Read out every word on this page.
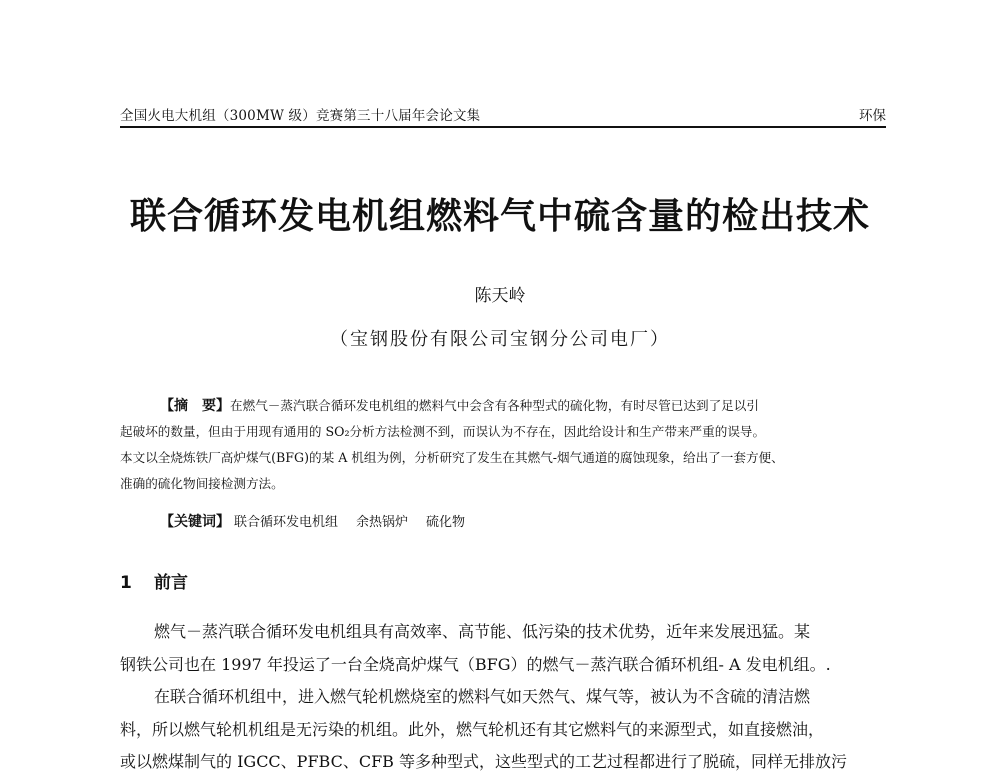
全国火电大机组（300MW 级）竞赛第三十八届年会论文集	环保
联合循环发电机组燃料气中硫含量的检出技术
陈天岭
（宝钢股份有限公司宝钢分公司电厂）
【摘　要】在燃气－蒸汽联合循环发电机组的燃料气中会含有各种型式的硫化物，有时尽管已达到了足以引
起破坏的数量，但由于用现有通用的 SO₂分析方法检测不到，而误认为不存在，因此给设计和生产带来严重的误导。
本文以全烧炼铁厂高炉煤气(BFG)的某 A 机组为例，分析研究了发生在其燃气-烟气通道的腐蚀现象，给出了一套方便、
准确的硫化物间接检测方法。
【关键词】 联合循环发电机组 余热锅炉 硫化物
1 前言

燃气－蒸汽联合循环发电机组具有高效率、高节能、低污染的技术优势，近年来发展迅猛。某
钢铁公司也在 1997 年投运了一台全烧高炉煤气（BFG）的燃气－蒸汽联合循环机组- A 发电机组。.

在联合循环机组中，进入燃气轮机燃烧室的燃料气如天然气、煤气等，被认为不含硫的清洁燃
料，所以燃气轮机机组是无污染的机组。此外，燃气轮机还有其它燃料气的来源型式，如直接燃油，
或以燃煤制气的 IGCC、PFBC、CFB 等多种型式，这些型式的工艺过程都进行了脱硫，同样无排放污
